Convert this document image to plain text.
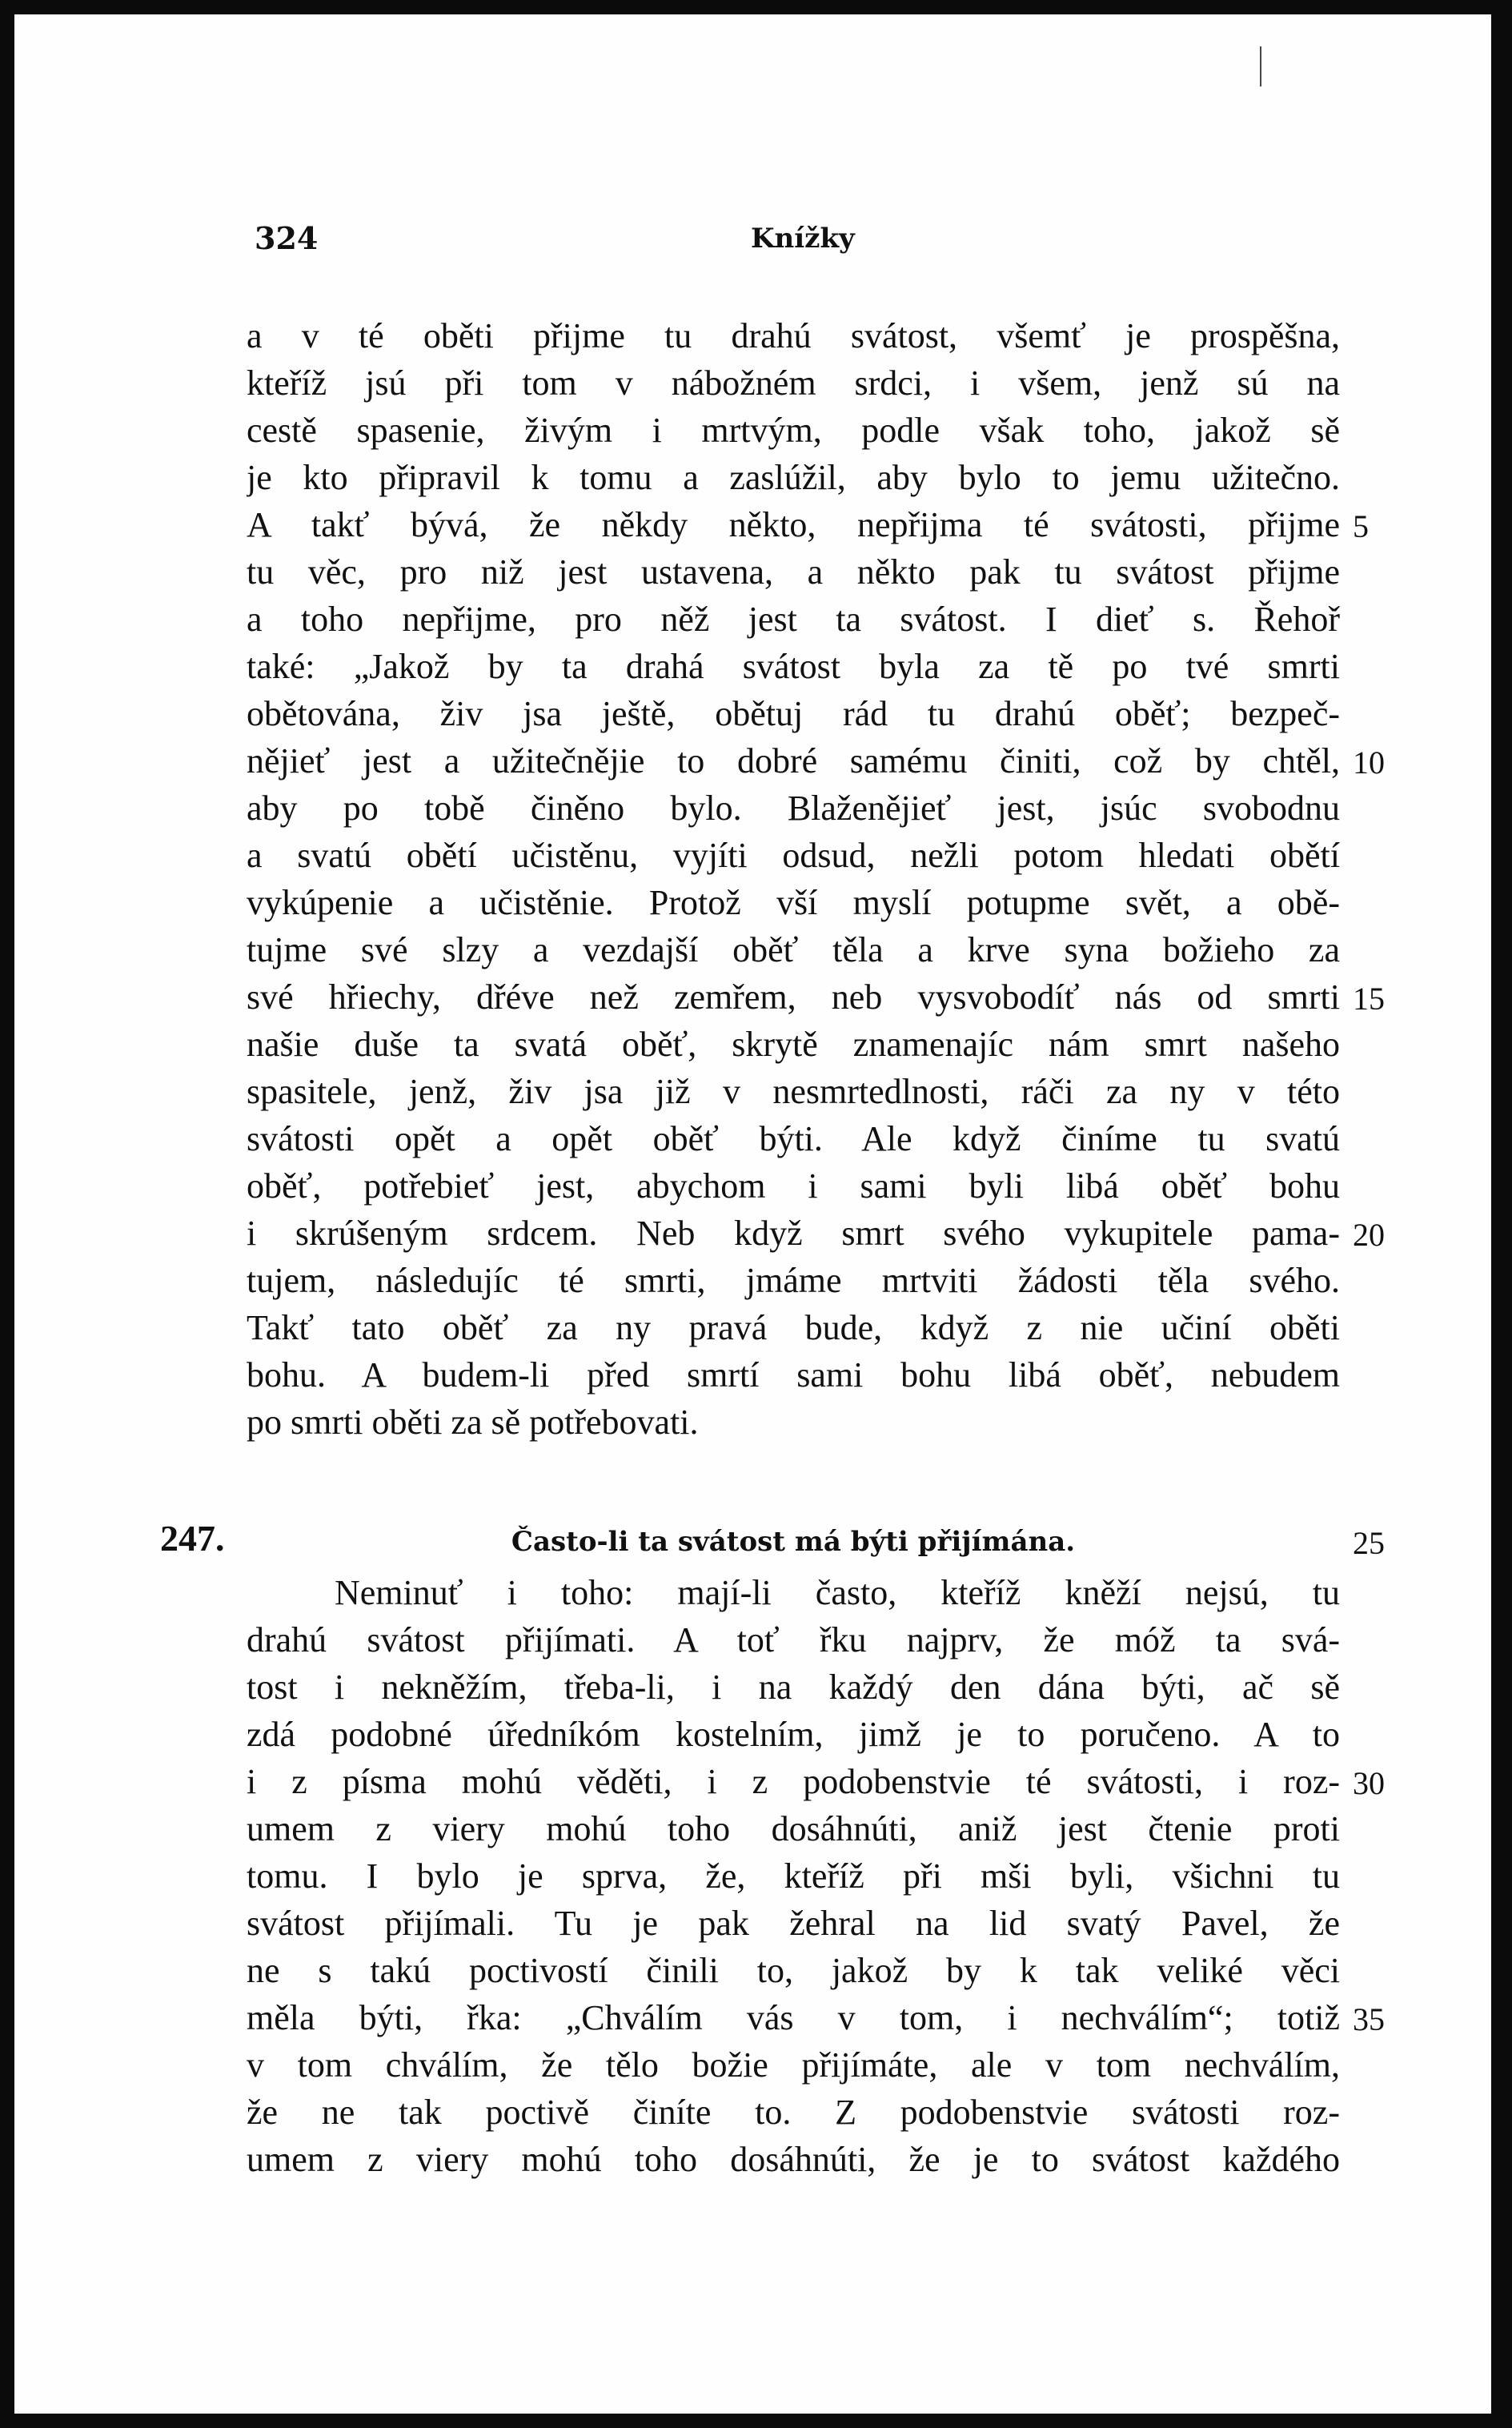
324	Knížky
a v té oběti přijme tu drahú svátost, všemť je prospěšna,
kteříž jsú při tom v nábožném srdci, i všem, jenž sú na
cestě spasenie, živým i mrtvým, podle však toho, jakož sě
je kto připravil k tomu a zaslúžil, aby bylo to jemu užitečno.
A takť bývá, že někdy někto, nepřijma té svátosti, přijme
tu věc, pro niž jest ustavena, a někto pak tu svátost přijme
a toho nepřijme, pro něž jest ta svátost. I dieť s. Řehoř
také: „Jakož by ta drahá svátost byla za tě po tvé smrti
obětována, živ jsa ještě, obětuj rád tu drahú oběť; bezpeč-
nějieť jest a užitečnějie to dobré samému činiti, což by chtěl,
aby po tobě činěno bylo. Blaženějieť jest, jsúc svobodnu
a svatú obětí učistěnu, vyjíti odsud, nežli potom hledati obětí
vykúpenie a učistěnie. Protož vší myslí potupme svět, a obě-
tujme své slzy a vezdajší oběť těla a krve syna božieho za
své hřiechy, dřéve než zemřem, neb vysvobodíť nás od smrti
našie duše ta svatá oběť, skrytě znamenajíc nám smrt našeho
spasitele, jenž, živ jsa již v nesmrtedlnosti, ráči za ny v této
svátosti opět a opět oběť býti. Ale když činíme tu svatú
oběť, potřebieť jest, abychom i sami byli libá oběť bohu
i skrúšeným srdcem. Neb když smrt svého vykupitele pama-
tujem, následujíc té smrti, jmáme mrtviti žádosti těla svého.
Takť tato oběť za ny pravá bude, když z nie učiní oběti
bohu. A budem-li před smrtí sami bohu libá oběť, nebudem
po smrti oběti za sě potřebovati.
247.	Často-li ta svátost má býti přijímána.
Neminuť i toho: mají-li často, kteříž kněží nejsú, tu
drahú svátost přijímati. A toť řku najprv, že móž ta svá-
tost i nekněžím, třeba-li, i na každý den dána býti, ač sě
zdá podobné úředníkóm kostelním, jimž je to poručeno. A to
i z písma mohú věděti, i z podobenstvie té svátosti, i roz-
umem z viery mohú toho dosáhnúti, aniž jest čtenie proti
tomu. I bylo je sprva, že, kteříž při mši byli, všichni tu
svátost přijímali. Tu je pak žehral na lid svatý Pavel, že
ne s takú poctivostí činili to, jakož by k tak veliké věci
měla býti, řka: „Chválím vás v tom, i nechválím“; totiž
v tom chválím, že tělo božie přijímáte, ale v tom nechválím,
že ne tak poctivě činíte to. Z podobenstvie svátosti roz-
umem z viery mohú toho dosáhnúti, že je to svátost každého
5
10
15
20
25
30
35
